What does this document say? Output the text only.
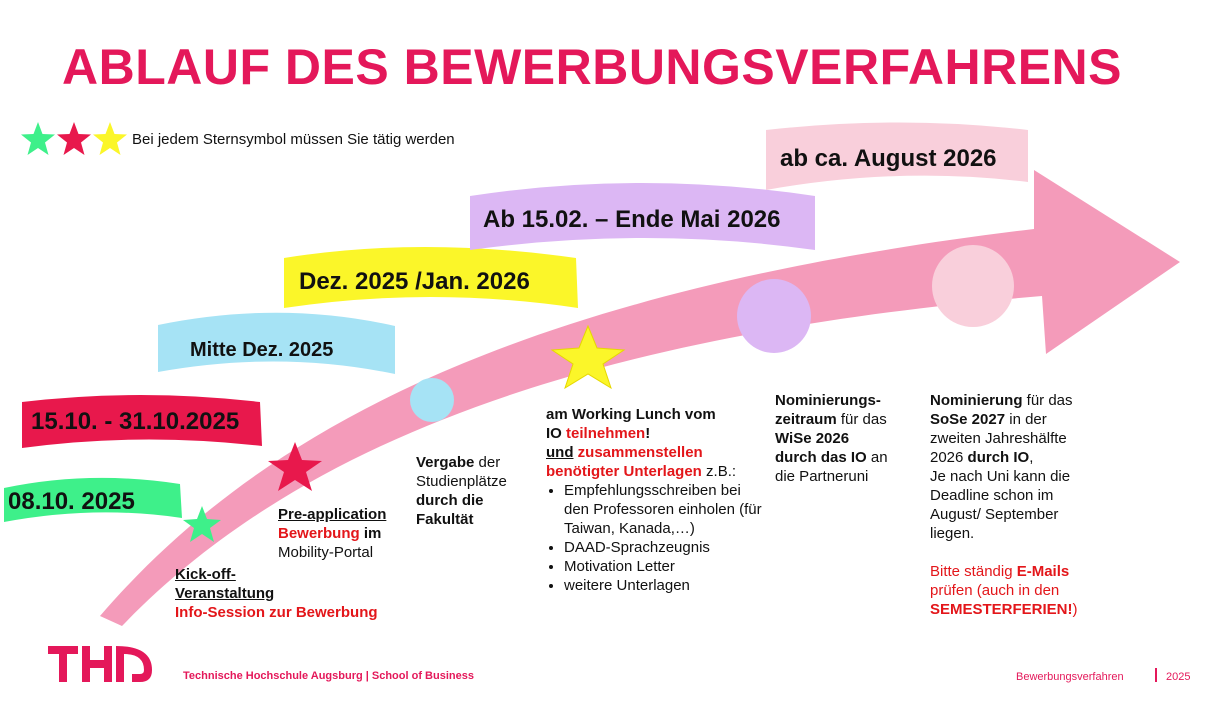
ABLAUF DES BEWERBUNGSVERFAHRENS
Bei jedem Sternsymbol müssen Sie tätig werden
08.10. 2025
15.10. - 31.10.2025
Mitte Dez. 2025
Dez. 2025 /Jan. 2026
Ab 15.02. – Ende Mai 2026
ab ca. August 2026
Kick-off-
Veranstaltung
Info-Session zur Bewerbung
Pre-application
Bewerbung im
Mobility-Portal
Vergabe der
Studienplätze
durch die
Fakultät
am Working Lunch vom
IO teilnehmen!
und zusammenstellen
benötigter Unterlagen z.B.:
• Empfehlungsschreiben bei den Professoren einholen (für Taiwan, Kanada,…)
• DAAD-Sprachzeugnis
• Motivation Letter
• weitere Unterlagen
Nominierungs-
zeitraum für das
WiSe 2026
durch das IO an
die Partneruni
Nominierung für das
SoSe 2027 in der
zweiten Jahreshälfte
2026 durch IO,
Je nach Uni kann die
Deadline schon im
August/ September
liegen.
Bitte ständig E-Mails
prüfen (auch in den
SEMESTERFERIEN!)
Technische Hochschule Augsburg | School of Business	Bewerbungsverfahren	2025
